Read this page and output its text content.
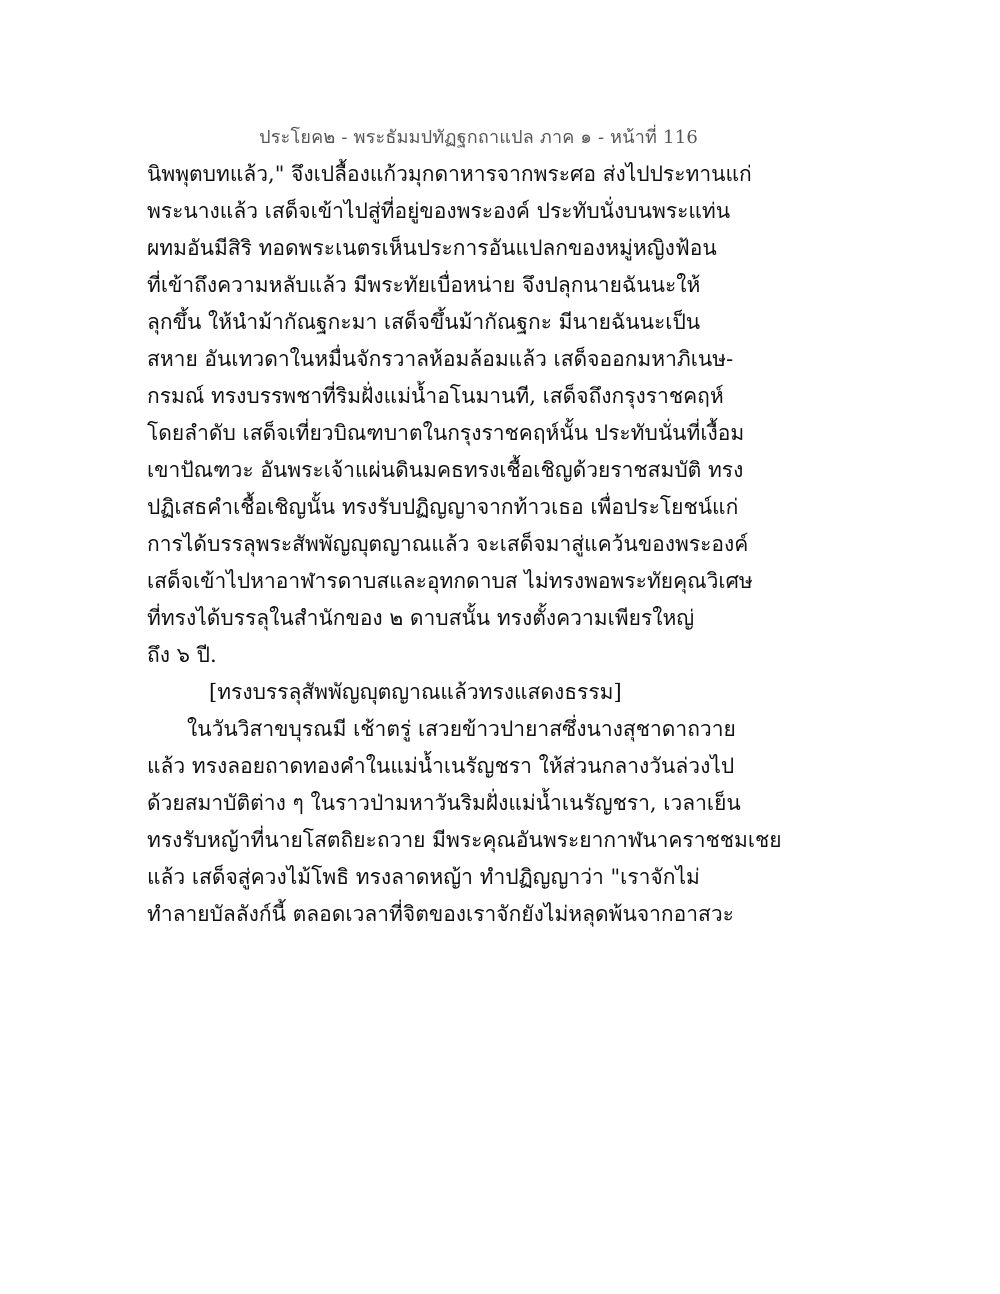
ประโยค๒ - พระธัมมปทัฏฐกถาแปล ภาค ๑ - หน้าที่ 116
นิพพุตบทแล้ว," จึงเปลื้องแก้วมุกดาหารจากพระศอ ส่งไปประทานแก่
พระนางแล้ว เสด็จเข้าไปสู่ที่อยู่ของพระองค์ ประทับนั่งบนพระแท่น
ผทมอันมีสิริ ทอดพระเนตรเห็นประการอันแปลกของหมู่หญิงฟ้อน
ที่เข้าถึงความหลับแล้ว มีพระทัยเบื่อหน่าย จึงปลุกนายฉันนะให้
ลุกขึ้น ให้นำม้ากัณฐกะมา เสด็จขึ้นม้ากัณฐกะ มีนายฉันนะเป็น
สหาย อันเทวดาในหมื่นจักรวาลห้อมล้อมแล้ว เสด็จออกมหาภิเนษ-
กรมณ์ ทรงบรรพชาที่ริมฝั่งแม่น้ำอโนมานที, เสด็จถึงกรุงราชคฤห์
โดยลำดับ เสด็จเที่ยวบิณฑบาตในกรุงราชคฤห์นั้น ประทับนั่นที่เงื้อม
เขาปัณฑวะ อันพระเจ้าแผ่นดินมคธทรงเชื้อเชิญด้วยราชสมบัติ ทรง
ปฏิเสธคำเชื้อเชิญนั้น ทรงรับปฏิญญาจากท้าวเธอ เพื่อประโยชน์แก่
การได้บรรลุพระสัพพัญญุตญาณแล้ว จะเสด็จมาสู่แคว้นของพระองค์
เสด็จเข้าไปหาอาฬารดาบสและอุทกดาบส ไม่ทรงพอพระทัยคุณวิเศษ
ที่ทรงได้บรรลุในสำนักของ ๒ ดาบสนั้น ทรงตั้งความเพียรใหญ่
ถึง ๖ ปี.
[ทรงบรรลุสัพพัญญุตญาณแล้วทรงแสดงธรรม]
ในวันวิสาขบุรณมี เช้าตรู่ เสวยข้าวปายาสซึ่งนางสุชาดาถวาย
แล้ว ทรงลอยถาดทองคำในแม่น้ำเนรัญชรา ให้ส่วนกลางวันล่วงไป
ด้วยสมาบัติต่าง ๆ ในราวป่ามหาวันริมฝั่งแม่น้ำเนรัญชรา, เวลาเย็น
ทรงรับหญ้าที่นายโสตถิยะถวาย มีพระคุณอันพระยากาฬนาคราชชมเชย
แล้ว เสด็จสู่ควงไม้โพธิ ทรงลาดหญ้า ทำปฏิญญาว่า "เราจักไม่
ทำลายบัลลังก์นี้ ตลอดเวลาที่จิตของเราจักยังไม่หลุดพ้นจากอาสวะ
